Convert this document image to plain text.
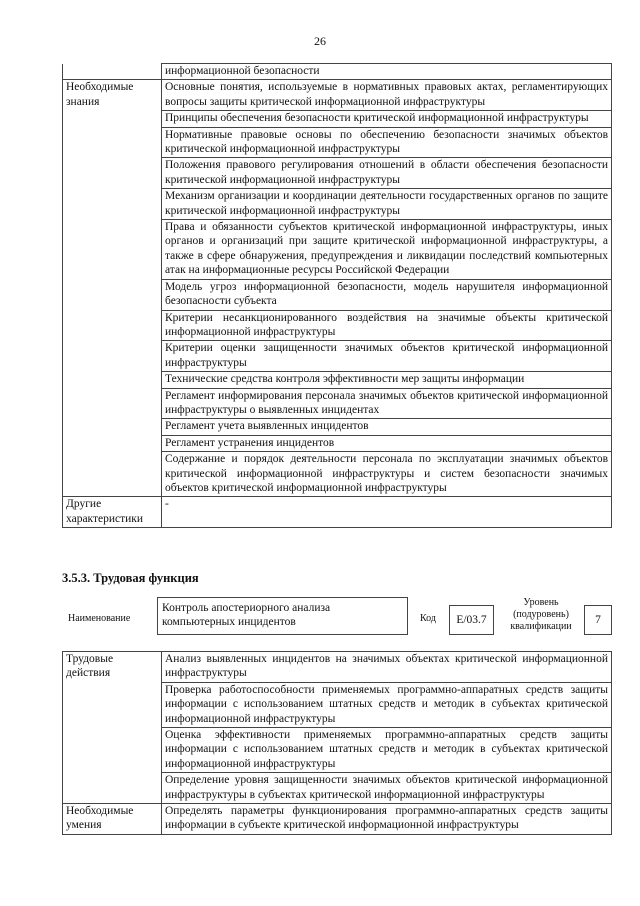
26
	информационной безопасности
Необходимые знания	Основные понятия, используемые в нормативных правовых актах, регламентирующих вопросы защиты критической информационной инфраструктуры
	Принципы обеспечения безопасности критической информационной инфраструктуры
	Нормативные правовые основы по обеспечению безопасности значимых объектов критической информационной инфраструктуры
	Положения правового регулирования отношений в области обеспечения безопасности критической информационной инфраструктуры
	Механизм организации и координации деятельности государственных органов по защите критической информационной инфраструктуры
	Права и обязанности субъектов критической информационной инфраструктуры, иных органов и организаций при защите критической информационной инфраструктуры, а также в сфере обнаружения, предупреждения и ликвидации последствий компьютерных атак на информационные ресурсы Российской Федерации
	Модель угроз информационной безопасности, модель нарушителя информационной безопасности субъекта
	Критерии несанкционированного воздействия на значимые объекты критической информационной инфраструктуры
	Критерии оценки защищенности значимых объектов критической информационной инфраструктуры
	Технические средства контроля эффективности мер защиты информации
	Регламент информирования персонала значимых объектов критической информационной инфраструктуры о выявленных инцидентах
	Регламент учета выявленных инцидентов
	Регламент устранения инцидентов
	Содержание и порядок деятельности персонала по эксплуатации значимых объектов критической информационной инфраструктуры и систем безопасности значимых объектов критической информационной инфраструктуры
Другие характеристики	-
3.5.3. Трудовая функция
Наименование
Контроль апостериорного анализа компьютерных инцидентов	Код	E/03.7
Уровень (подуровень) квалификации
7
Трудовые действия	Анализ выявленных инцидентов на значимых объектах критической информационной инфраструктуры
	Проверка работоспособности применяемых программно-аппаратных средств защиты информации с использованием штатных средств и методик в субъектах критической информационной инфраструктуры
	Оценка эффективности применяемых программно-аппаратных средств защиты информации с использованием штатных средств и методик в субъектах критической информационной инфраструктуры
	Определение уровня защищенности значимых объектов критической информационной инфраструктуры в субъектах критической информационной инфраструктуры
Необходимые умения	Определять параметры функционирования программно-аппаратных средств защиты информации в субъекте критической информационной инфраструктуры
